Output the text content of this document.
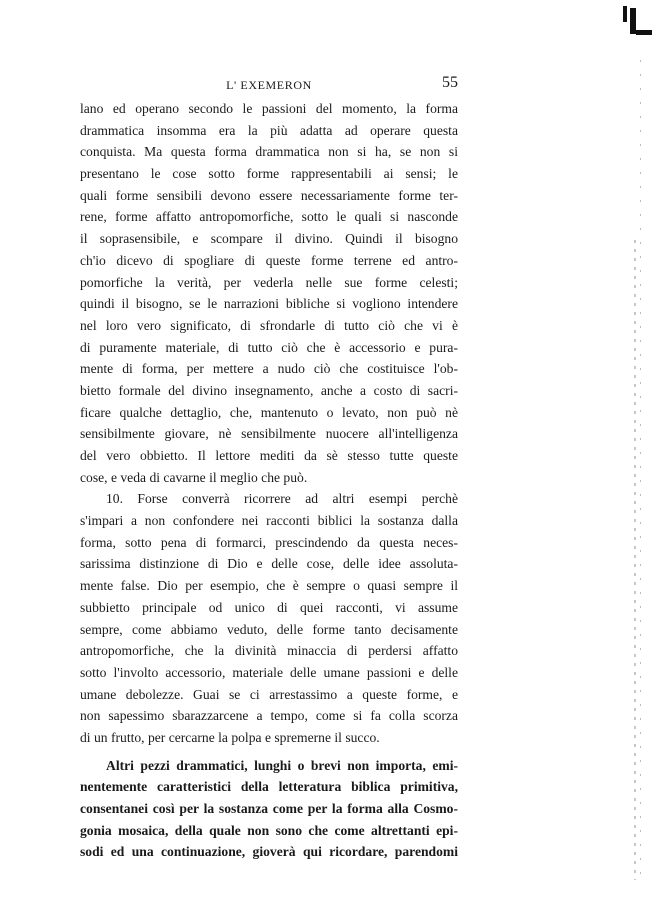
L' EXEMERON	55
lano ed operano secondo le passioni del momento, la forma
drammatica insomma era la più adatta ad operare questa
conquista. Ma questa forma drammatica non si ha, se non si
presentano le cose sotto forme rappresentabili ai sensi; le
quali forme sensibili devono essere necessariamente forme ter-
rene, forme affatto antropomorfiche, sotto le quali si nasconde
il soprasensibile, e scompare il divino. Quindi il bisogno
ch'io dicevo di spogliare di queste forme terrene ed antro-
pomorfiche la verità, per vederla nelle sue forme celesti;
quindi il bisogno, se le narrazioni bibliche si vogliono intendere
nel loro vero significato, di sfrondarle di tutto ciò che vi è
di puramente materiale, di tutto ciò che è accessorio e pura-
mente di forma, per mettere a nudo ciò che costituisce l'ob-
bietto formale del divino insegnamento, anche a costo di sacri-
ficare qualche dettaglio, che, mantenuto o levato, non può nè
sensibilmente giovare, nè sensibilmente nuocere all'intelligenza
del vero obbietto. Il lettore mediti da sè stesso tutte queste
cose, e veda di cavarne il meglio che può.
10. Forse converrà ricorrere ad altri esempi perchè
s'impari a non confondere nei racconti biblici la sostanza dalla
forma, sotto pena di formarci, prescindendo da questa neces-
sarissima distinzione di Dio e delle cose, delle idee assoluta-
mente false. Dio per esempio, che è sempre o quasi sempre il
subbietto principale od unico di quei racconti, vi assume
sempre, come abbiamo veduto, delle forme tanto decisamente
antropomorfiche, che la divinità minaccia di perdersi affatto
sotto l'involto accessorio, materiale delle umane passioni e delle
umane debolezze. Guai se ci arrestassimo a queste forme, e
non sapessimo sbarazzarcene a tempo, come si fa colla scorza
di un frutto, per cercarne la polpa e spremerne il succo.
Altri pezzi drammatici, lunghi o brevi non importa, emi-
nentemente caratteristici della letteratura biblica primitiva,
consentanei così per la sostanza come per la forma alla Cosmo-
gonia mosaica, della quale non sono che come altrettanti epi-
sodi ed una continuazione, gioverà qui ricordare, parendomi
